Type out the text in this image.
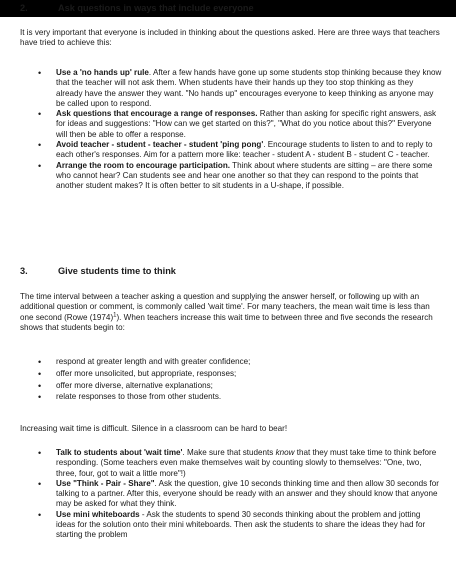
2.	Ask questions in ways that include everyone

It is very important that everyone is included in thinking about the questions asked. Here are three ways that teachers have tried to achieve this:

• Use a 'no hands up' rule. After a few hands have gone up some students stop thinking because they know that the teacher will not ask them. When students have their hands up they too stop thinking as they already have the answer they want. "No hands up" encourages everyone to keep thinking as anyone may be called upon to respond.
• Ask questions that encourage a range of responses. Rather than asking for specific right answers, ask for ideas and suggestions: "How can we get started on this?", "What do you notice about this?" Everyone will then be able to offer a response.
• Avoid teacher - student - teacher - student 'ping pong'. Encourage students to listen to and to reply to each other's responses. Aim for a pattern more like: teacher - student A - student B - student C - teacher.
• Arrange the room to encourage participation. Think about where students are sitting – are there some who cannot hear? Can students see and hear one another so that they can respond to the points that another student makes? It is often better to sit students in a U-shape, if possible.
3.	Give students time to think

The time interval between a teacher asking a question and supplying the answer herself, or following up with an additional question or comment, is commonly called 'wait time'. For many teachers, the mean wait time is less than one second (Rowe $(1974)^1$). When teachers increase this wait time to between three and five seconds the research shows that students begin to:

• respond at greater length and with greater confidence;
• offer more unsolicited, but appropriate, responses;
• offer more diverse, alternative explanations;
• relate responses to those from other students.

Increasing wait time is difficult. Silence in a classroom can be hard to bear!

• Talk to students about 'wait time'. Make sure that students know that they must take time to think before responding. (Some teachers even make themselves wait by counting slowly to themselves: "One, two, three, four, got to wait a little more"!)
• Use "Think - Pair - Share". Ask the question, give 10 seconds thinking time and then allow 30 seconds for talking to a partner. After this, everyone should be ready with an answer and they should know that anyone may be asked for what they think.
• Use mini whiteboards - Ask the students to spend 30 seconds thinking about the problem and jotting ideas for the solution onto their mini whiteboards. Then ask the students to share the ideas they had for starting the problem
